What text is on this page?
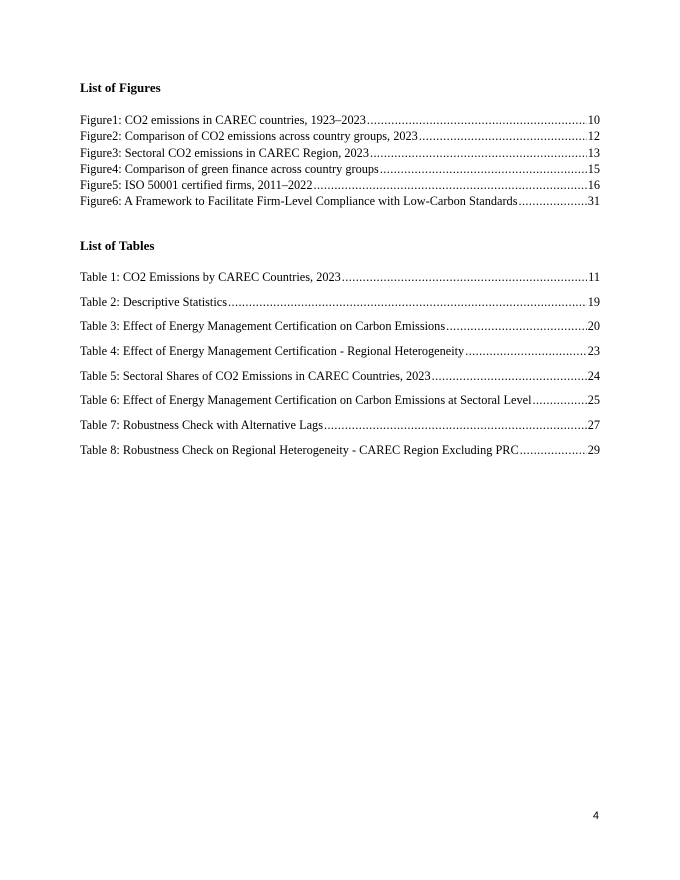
List of Figures
Figure1: CO2 emissions in CAREC countries, 1923–2023 .....	10
Figure2: Comparison of CO2 emissions across country groups, 2023 .....	12
Figure3: Sectoral CO2 emissions in CAREC Region, 2023 .....	13
Figure4: Comparison of green finance across country groups .....	15
Figure5: ISO 50001 certified firms, 2011–2022 .....	16
Figure6: A Framework to Facilitate Firm-Level Compliance with Low-Carbon Standards .....	31
List of Tables
Table 1: CO2 Emissions by CAREC Countries, 2023 .....	11
Table 2: Descriptive Statistics .....	19
Table 3: Effect of Energy Management Certification on Carbon Emissions .....	20
Table 4: Effect of Energy Management Certification - Regional Heterogeneity .....	23
Table 5: Sectoral Shares of CO2 Emissions in CAREC Countries, 2023 .....	24
Table 6: Effect of Energy Management Certification on Carbon Emissions at Sectoral Level .....	25
Table 7: Robustness Check with Alternative Lags .....	27
Table 8: Robustness Check on Regional Heterogeneity - CAREC Region Excluding PRC .....	29

4
